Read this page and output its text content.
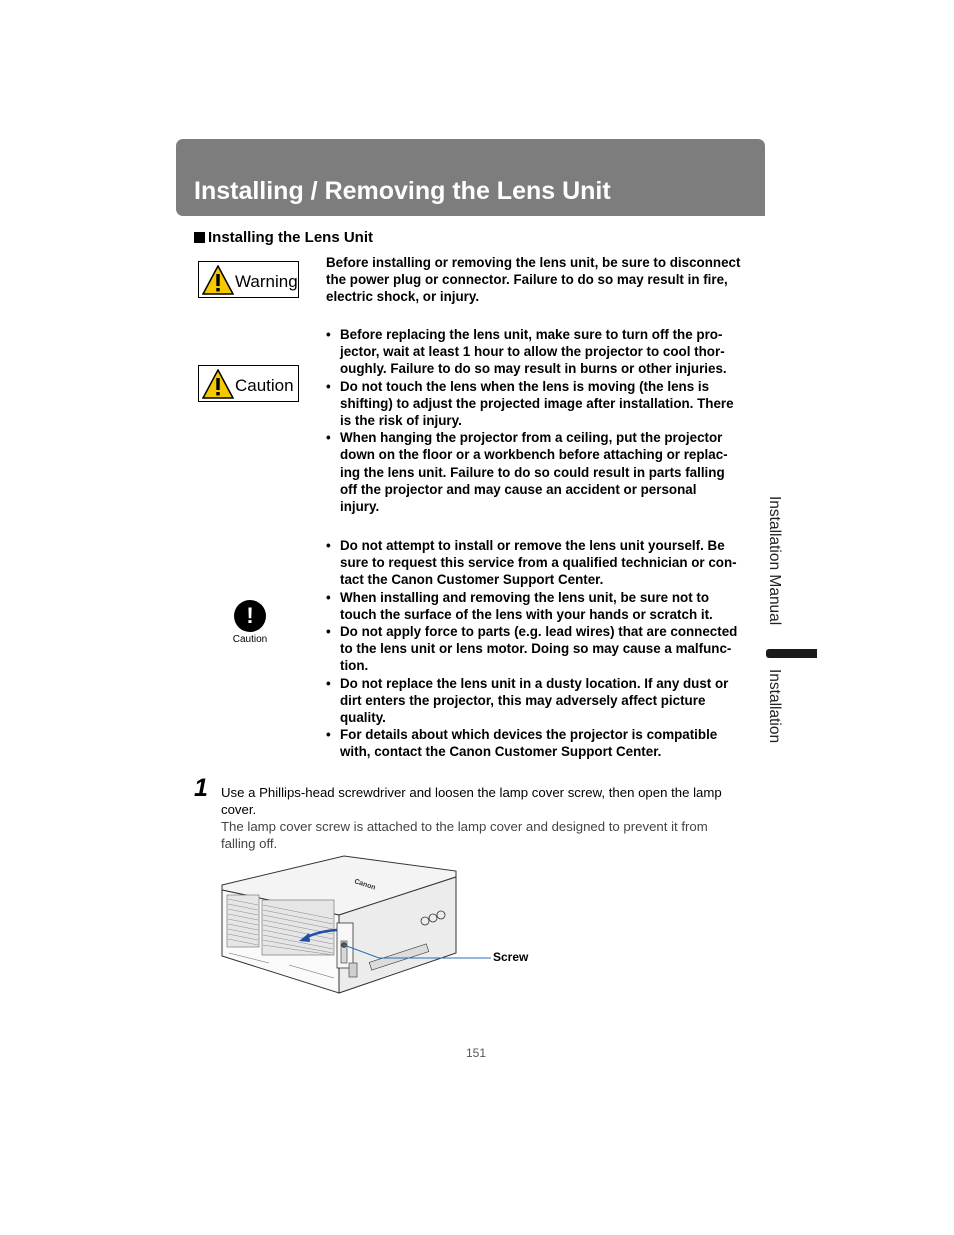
Installing / Removing the Lens Unit
Installing the Lens Unit
Warning

Before installing or removing the lens unit, be sure to disconnect

the power plug or connector. Failure to do so may result in fire,

electric shock, or injury.

Caution

• Before replacing the lens unit, make sure to turn off the pro-

jector, wait at least 1 hour to allow the projector to cool thor-

oughly. Failure to do so may result in burns or other injuries.

• Do not touch the lens when the lens is moving (the lens is

shifting) to adjust the projected image after installation. There

is the risk of injury.

• When hanging the projector from a ceiling, put the projector

down on the floor or a workbench before attaching or replac-

ing the lens unit. Failure to do so could result in parts falling

off the projector and may cause an accident or personal

injury.

!
Caution

• Do not attempt to install or remove the lens unit yourself. Be

sure to request this service from a qualified technician or con-

tact the Canon Customer Support Center.

• When installing and removing the lens unit, be sure not to

touch the surface of the lens with your hands or scratch it.

• Do not apply force to parts (e.g. lead wires) that are connected

to the lens unit or lens motor. Doing so may cause a malfunc-

tion.

• Do not replace the lens unit in a dusty location. If any dust or

dirt enters the projector, this may adversely affect picture

quality.

• For details about which devices the projector is compatible

with, contact the Canon Customer Support Center.

1 Use a Phillips-head screwdriver and loosen the lamp cover screw, then open the lamp

cover.

The lamp cover screw is attached to the lamp cover and designed to prevent it from

falling off.

Canon
Screw
Installation Manual
Installation
151
